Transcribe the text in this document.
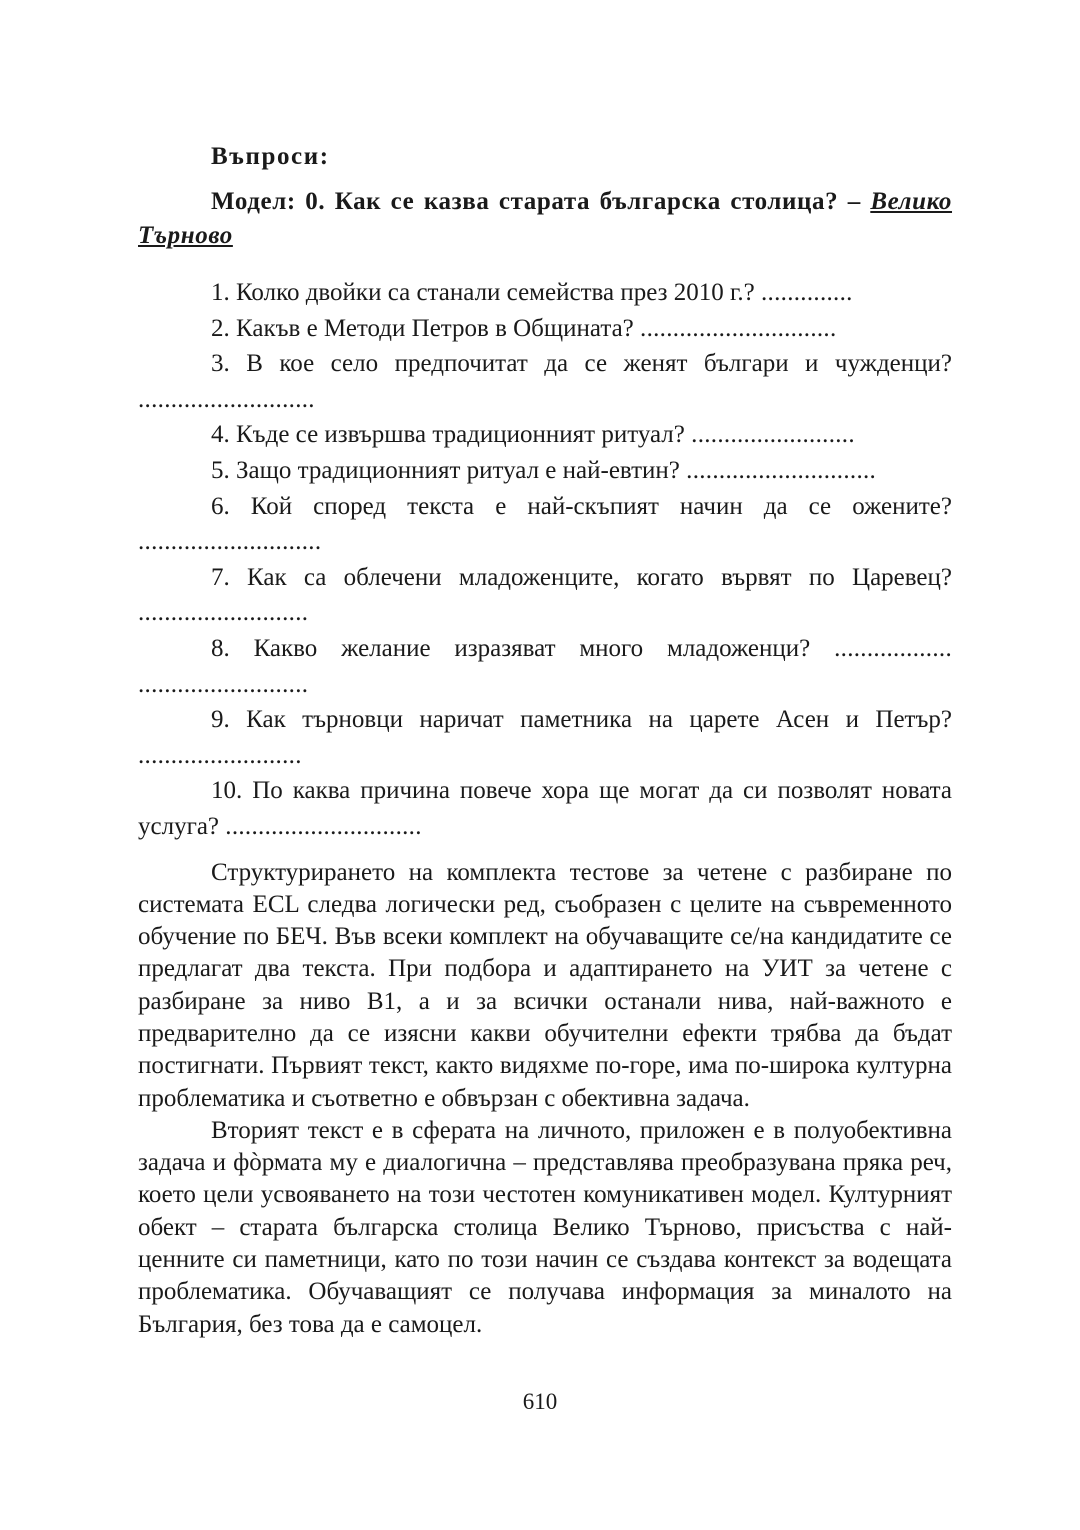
Въпроси:
Модел: 0. Как се казва старата българска столица? – Велико Търново
1. Колко двойки са станали семейства през 2010 г.? ..............
2. Какъв е Методи Петров в Общината? ..............................
3. В кое село предпочитат да се женят българи и чужденци? ...........................
4. Къде се извършва традиционният ритуал? .........................
5. Защо традиционният ритуал е най-евтин? .............................
6. Кой според текста е най-скъпият начин да се ожените? ............................
7. Как са облечени младоженците, когато вървят по Царевец? ..........................
8. Какво желание изразяват много младоженци? .................. ..........................
9. Как търновци наричат паметника на царете Асен и Петър? .........................
10. По каква причина повече хора ще могат да си позволят новата услуга? ..............................
Структурирането на комплекта тестове за четене с разбиране по системата ECL следва логически ред, съобразен с целите на съвременното обучение по БЕЧ. Във всеки комплект на обучаващите се/на кандидатите се предлагат два текста. При подбора и адаптирането на УИТ за четене с разбиране за ниво В1, а и за всички останали нива, най-важното е предварително да се изясни какви обучителни ефекти трябва да бъдат постигнати. Първият текст, както видяхме по-горе, има по-широка културна проблематика и съответно е обвързан с обективна задача.
Вторият текст е в сферата на личното, приложен е в полуобективна задача и фòрмата му е диалогична – представлява преобразувана пряка реч, което цели усвояването на този честотен комуникативен модел. Културният обект – старата българска столица Велико Търново, присъства с най-ценните си паметници, като по този начин се създава контекст за водещата проблематика. Обучаващият се получава информация за миналото на България, без това да е самоцел.
610
